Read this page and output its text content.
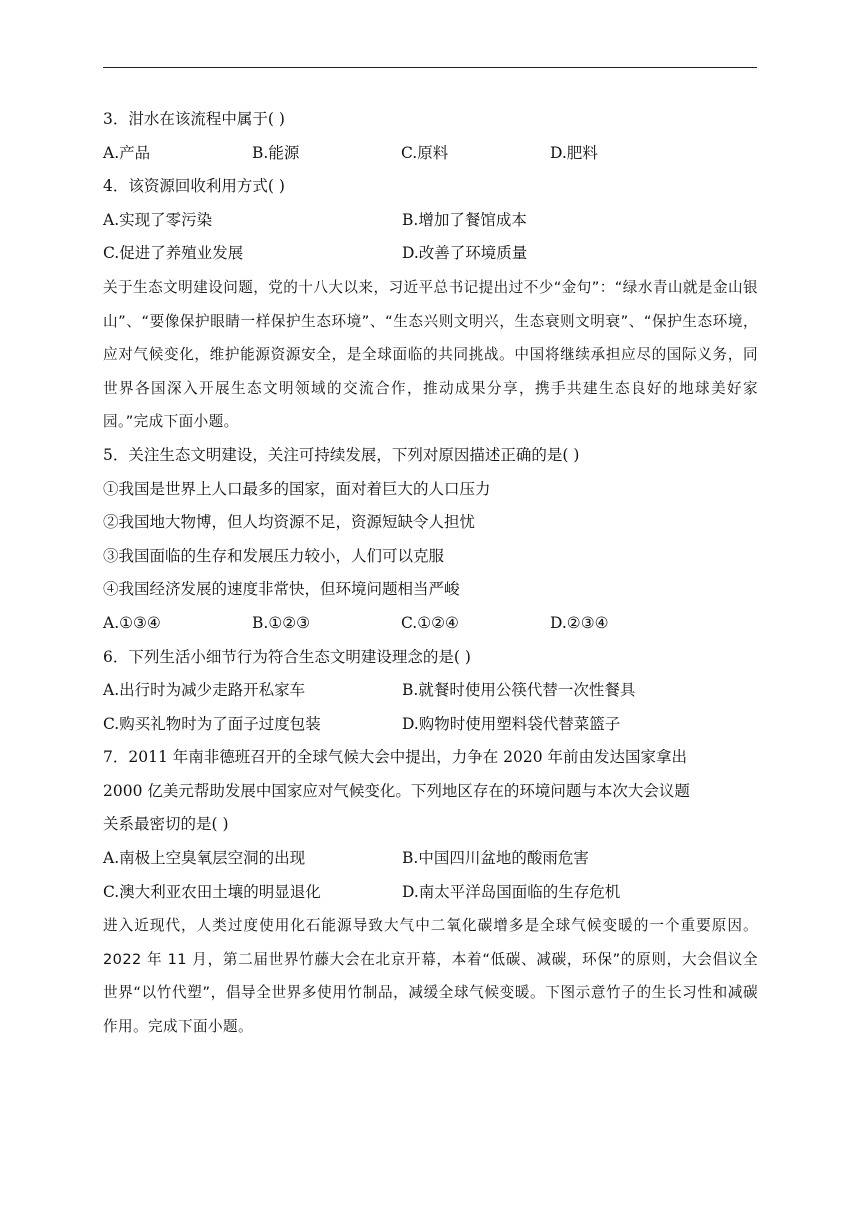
3．泔水在该流程中属于( )
A.产品	B.能源	C.原料	D.肥料
4．该资源回收利用方式( )
A.实现了零污染	B.增加了餐馆成本
C.促进了养殖业发展	D.改善了环境质量
关于生态文明建设问题，党的十八大以来，习近平总书记提出过不少“金句”：“绿水青山就是金山银山”、“要像保护眼睛一样保护生态环境”、“生态兴则文明兴，生态衰则文明衰”、“保护生态环境，应对气候变化，维护能源资源安全，是全球面临的共同挑战。中国将继续承担应尽的国际义务，同世界各国深入开展生态文明领域的交流合作，推动成果分享，携手共建生态良好的地球美好家园。”完成下面小题。
5．关注生态文明建设，关注可持续发展，下列对原因描述正确的是( )
①我国是世界上人口最多的国家，面对着巨大的人口压力
②我国地大物博，但人均资源不足，资源短缺令人担忧
③我国面临的生存和发展压力较小，人们可以克服
④我国经济发展的速度非常快，但环境问题相当严峻
A.①③④	B.①②③	C.①②④	D.②③④
6．下列生活小细节行为符合生态文明建设理念的是( )
A.出行时为减少走路开私家车	B.就餐时使用公筷代替一次性餐具
C.购买礼物时为了面子过度包装	D.购物时使用塑料袋代替菜篮子
7．2011 年南非德班召开的全球气候大会中提出，力争在 2020 年前由发达国家拿出
2000 亿美元帮助发展中国家应对气候变化。下列地区存在的环境问题与本次大会议题
关系最密切的是( )
A.南极上空臭氧层空洞的出现	B.中国四川盆地的酸雨危害
C.澳大利亚农田土壤的明显退化	D.南太平洋岛国面临的生存危机
进入近现代，人类过度使用化石能源导致大气中二氧化碳增多是全球气候变暖的一个重要原因。2022 年 11 月，第二届世界竹藤大会在北京开幕，本着“低碳、减碳，环保”的原则，大会倡议全世界“以竹代塑”，倡导全世界多使用竹制品，减缓全球气候变暖。下图示意竹子的生长习性和减碳作用。完成下面小题。
